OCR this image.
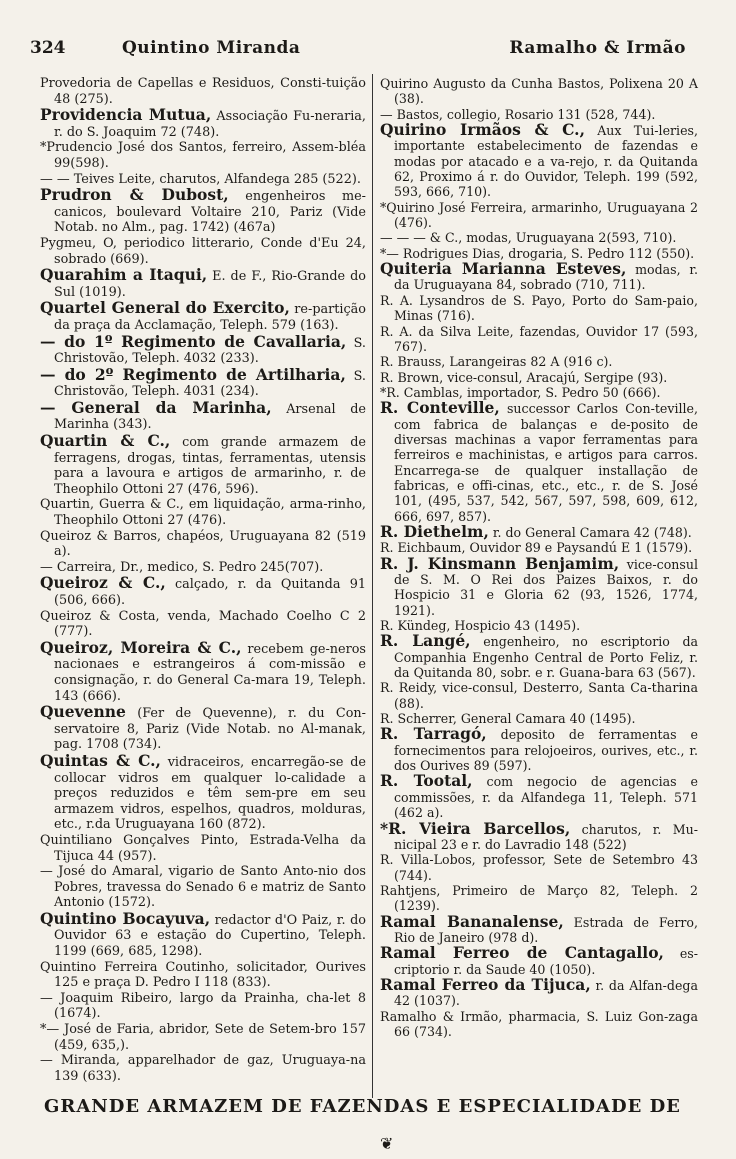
324	Quintino Miranda	Ramalho & Irmão
Provedoria de Capellas e Residuos, Consti-tuição 48 (275).
Providencia Mutua, Associação Fu-neraria, r. do S. Joaquim 72 (748).
*Prudencio José dos Santos, ferreiro, Assem-bléa 99(598).
— — Teives Leite, charutos, Alfandega 285 (522).
Prudron & Dubost, engenheiros me-canicos, boulevard Voltaire 210, Pariz (Vide Notab. no Alm., pag. 1742) (467a)
Pygmeu, O, periodico litterario, Conde d'Eu 24, sobrado (669).
Quarahim a Itaqui, E. de F., Rio-Grande do Sul (1019).
Quartel General do Exercito, re-partição da praça da Acclamação, Teleph. 579 (163).
— do 1º Regimento de Cavallaria, S. Christovão, Teleph. 4032 (233).
— do 2º Regimento de Artilharia, S. Christovão, Teleph. 4031 (234).
— General da Marinha, Arsenal de Marinha (343).
Quartin & C., com grande armazem de ferragens, drogas, tintas, ferramentas, utensis para a lavoura e artigos de armarinho, r. de Theophilo Ottoni 27 (476, 596).
Quartin, Guerra & C., em liquidação, arma-rinho, Theophilo Ottoni 27 (476).
Queiroz & Barros, chapéos, Uruguayana 82 (519 a).
— Carreira, Dr., medico, S. Pedro 245(707).
Queiroz & C., calçado, r. da Quitanda 91 (506, 666).
Queiroz & Costa, venda, Machado Coelho C 2 (777).
Queiroz, Moreira & C., recebem ge-neros nacionaes e estrangeiros á com-missão e consignação, r. do General Ca-mara 19, Teleph. 143 (666).
Quevenne (Fer de Quevenne), r. du Con-servatoire 8, Pariz (Vide Notab. no Al-manak, pag. 1708 (734).
Quintas & C., vidraceiros, encarregão-se de collocar vidros em qualquer lo-calidade a preços reduzidos e têm sem-pre em seu armazem vidros, espelhos, quadros, molduras, etc., r.da Uruguayana 160 (872).
Quintiliano Gonçalves Pinto, Estrada-Velha da Tijuca 44 (957).
— José do Amaral, vigario de Santo Anto-nio dos Pobres, travessa do Senado 6 e matriz de Santo Antonio (1572).
Quintino Bocayuva, redactor d'O Paiz, r. do Ouvidor 63 e estação do Cupertino, Teleph. 1199 (669, 685, 1298).
Quintino Ferreira Coutinho, solicitador, Ourives 125 e praça D. Pedro I 118 (833).
— Joaquim Ribeiro, largo da Prainha, cha-let 8 (1674).
*— José de Faria, abridor, Sete de Setem-bro 157 (459, 635,).
— Miranda, apparelhador de gaz, Uruguaya-na 139 (633).
Quirino Augusto da Cunha Bastos, Polixena 20 A (38).
— Bastos, collegio, Rosario 131 (528, 744).
Quirino Irmãos & C., Aux Tui-leries, importante estabelecimento de fazendas e modas por atacado e a va-rejo, r. da Quitanda 62, Proximo á r. do Ouvidor, Teleph. 199 (592, 593, 666, 710).
*Quirino José Ferreira, armarinho, Uruguayana 2 (476).
— — — & C., modas, Uruguayana 2(593, 710).
*— Rodrigues Dias, drogaria, S. Pedro 112 (550).
Quiteria Marianna Esteves, modas, r. da Uruguayana 84, sobrado (710, 711).
R. A. Lysandros de S. Payo, Porto do Sam-paio, Minas (716).
R. A. da Silva Leite, fazendas, Ouvidor 17 (593, 767).
R. Brauss, Larangeiras 82 A (916 c).
R. Brown, vice-consul, Aracajú, Sergipe (93).
*R. Camblas, importador, S. Pedro 50 (666).
R. Conteville, successor Carlos Con-teville, com fabrica de balanças e de-posito de diversas machinas a vapor ferramentas para ferreiros e machinistas, e artigos para carros. Encarrega-se de qualquer installação de fabricas, e offi-cinas, etc., etc., r. de S. José 101, (495, 537, 542, 567, 597, 598, 609, 612, 666, 697, 857).
R. Diethelm, r. do General Camara 42 (748).
R. Eichbaum, Ouvidor 89 e Paysandú E 1 (1579).
R. J. Kinsmann Benjamim, vice-consul de S. M. O Rei dos Paizes Baixos, r. do Hospicio 31 e Gloria 62 (93, 1526, 1774, 1921).
R. Kündeg, Hospicio 43 (1495).
R. Langé, engenheiro, no escriptorio da Companhia Engenho Central de Porto Feliz, r. da Quitanda 80, sobr. e r. Guana-bara 63 (567).
R. Reidy, vice-consul, Desterro, Santa Ca-tharina (88).
R. Scherrer, General Camara 40 (1495).
R. Tarragó, deposito de ferramentas e fornecimentos para relojoeiros, ourives, etc., r. dos Ourives 89 (597).
R. Tootal, com negocio de agencias e commissões, r. da Alfandega 11, Teleph. 571 (462 a).
*R. Vieira Barcellos, charutos, r. Mu-nicipal 23 e r. do Lavradio 148 (522)
R. Villa-Lobos, professor, Sete de Setembro 43 (744).
Rahtjens, Primeiro de Março 82, Teleph. 2 (1239).
Ramal Bananalense, Estrada de Ferro, Rio de Janeiro (978 d).
Ramal Ferreo de Cantagallo, es-criptorio r. da Saude 40 (1050).
Ramal Ferreo da Tijuca, r. da Alfan-dega 42 (1037).
Ramalho & Irmão, pharmacia, S. Luiz Gon-zaga 66 (734).
GRANDE ARMAZEM DE FAZENDAS E ESPECIALIDADE DE
❦
